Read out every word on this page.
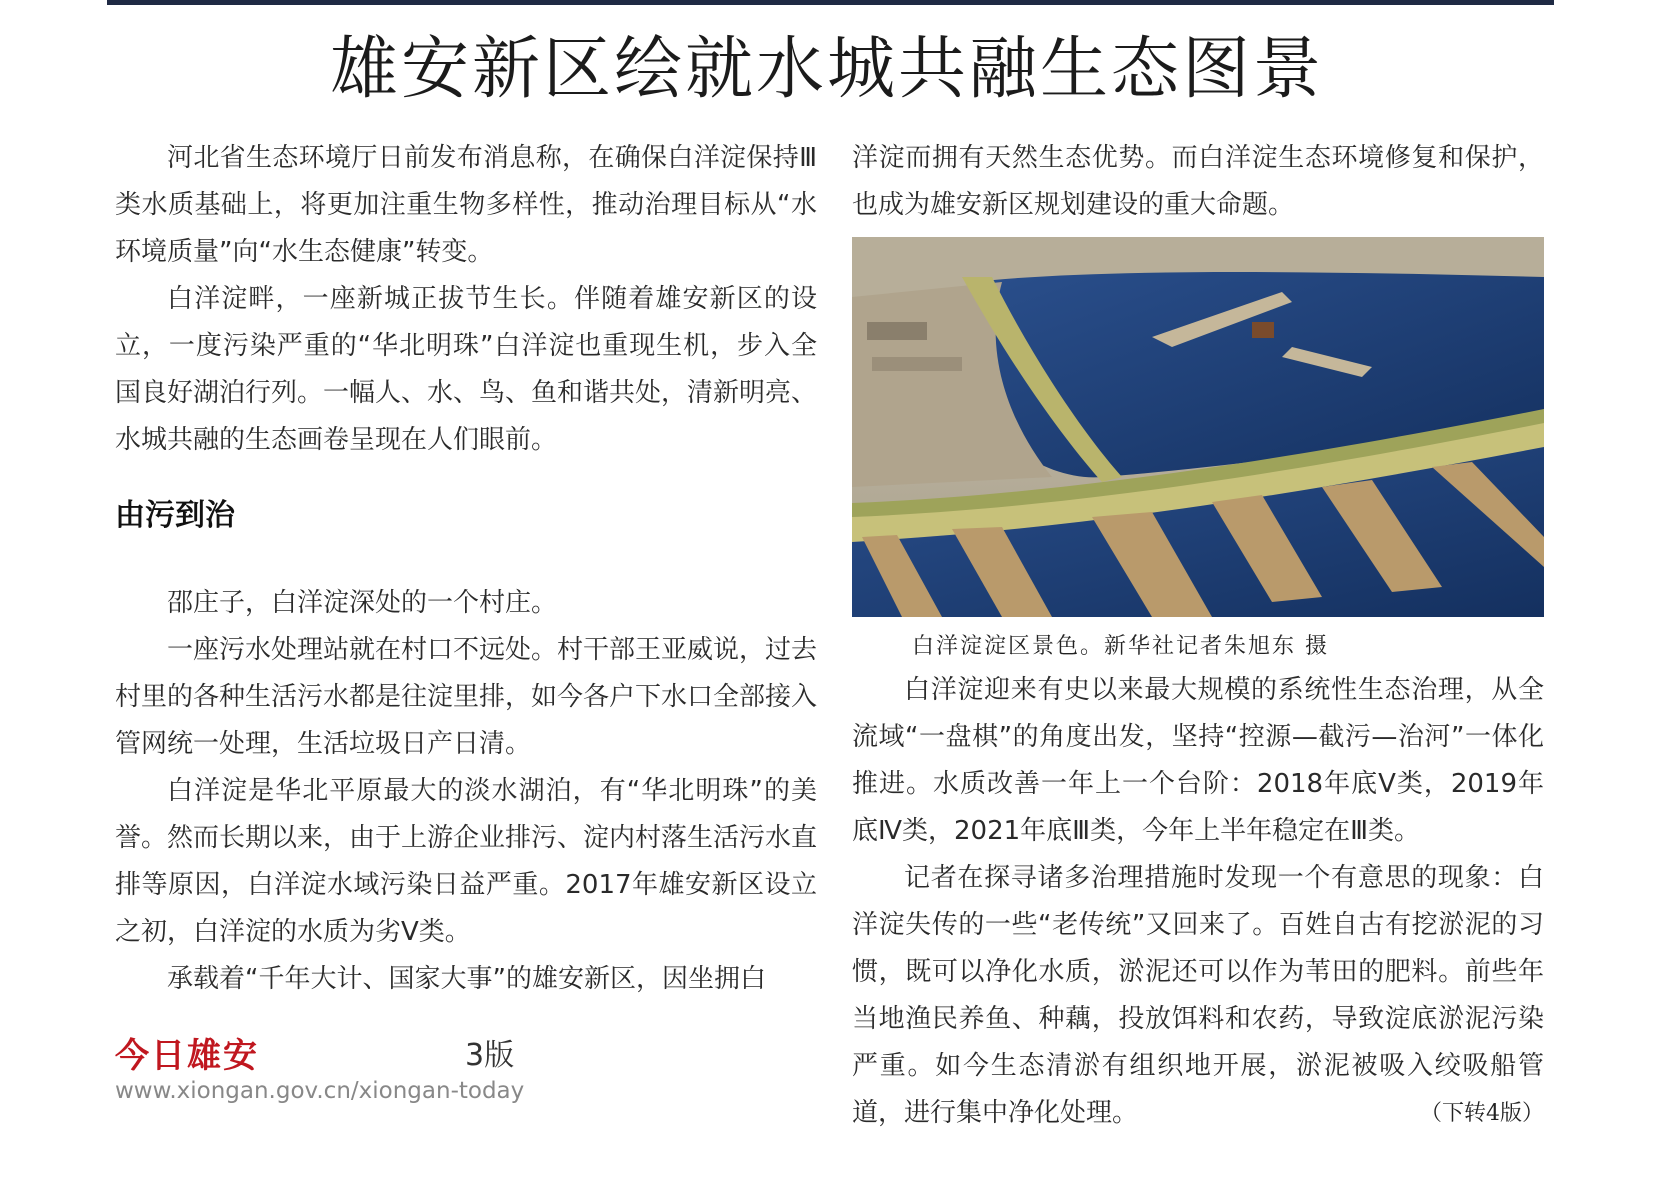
雄安新区绘就水城共融生态图景

河北省生态环境厅日前发布消息称，在确保白洋淀保持Ⅲ类水质基础上，将更加注重生物多样性，推动治理目标从“水环境质量”向“水生态健康”转变。

白洋淀畔，一座新城正拔节生长。伴随着雄安新区的设立，一度污染严重的“华北明珠”白洋淀也重现生机，步入全国良好湖泊行列。一幅人、水、鸟、鱼和谐共处，清新明亮、水城共融的生态画卷呈现在人们眼前。

由污到治

邵庄子，白洋淀深处的一个村庄。

一座污水处理站就在村口不远处。村干部王亚威说，过去村里的各种生活污水都是往淀里排，如今各户下水口全部接入管网统一处理，生活垃圾日产日清。

白洋淀是华北平原最大的淡水湖泊，有“华北明珠”的美誉。然而长期以来，由于上游企业排污、淀内村落生活污水直排等原因，白洋淀水域污染日益严重。2017年雄安新区设立之初，白洋淀的水质为劣Ⅴ类。

承载着“千年大计、国家大事”的雄安新区，因坐拥白

洋淀而拥有天然生态优势。而白洋淀生态环境修复和保护，也成为雄安新区规划建设的重大命题。

白洋淀淀区景色。新华社记者朱旭东 摄

白洋淀迎来有史以来最大规模的系统性生态治理，从全流域“一盘棋”的角度出发，坚持“控源—截污—治河”一体化推进。水质改善一年上一个台阶：2018年底Ⅴ类，2019年底Ⅳ类，2021年底Ⅲ类，今年上半年稳定在Ⅲ类。

记者在探寻诸多治理措施时发现一个有意思的现象：白洋淀失传的一些“老传统”又回来了。百姓自古有挖淤泥的习惯，既可以净化水质，淤泥还可以作为苇田的肥料。前些年当地渔民养鱼、种藕，投放饵料和农药，导致淀底淤泥污染严重。如今生态清淤有组织地开展，淤泥被吸入绞吸船管道，进行集中净化处理。	（下转4版）

今日雄安	3版
www.xiongan.gov.cn/xiongan-today
